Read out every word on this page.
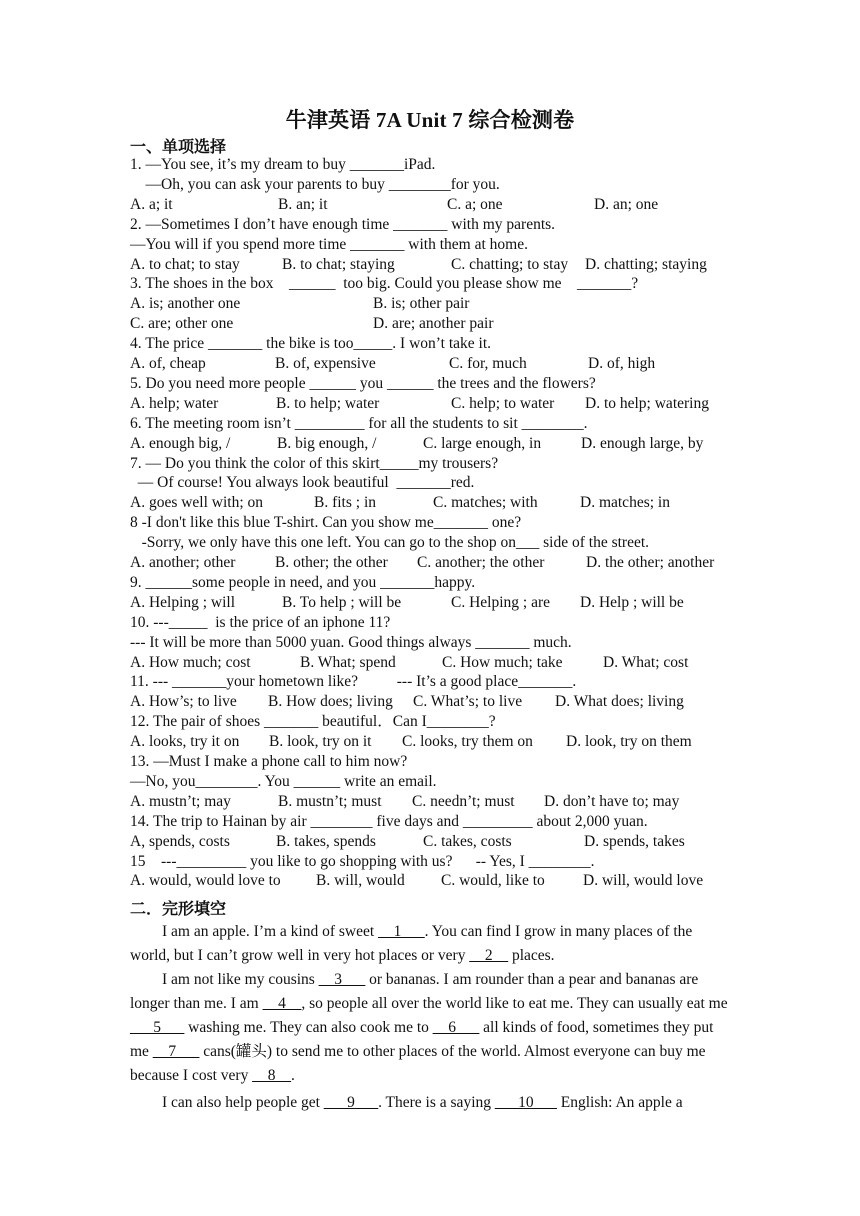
牛津英语 7A Unit 7 综合检测卷
一、单项选择
1. —You see, it’s my dream to buy _______iPad.
—Oh, you can ask your parents to buy ________for you.
A. a; it	B. an; it	C. a; one	D. an; one
2. —Sometimes I don’t have enough time _______ with my parents.
—You will if you spend more time _______ with them at home.
A. to chat; to stay	B. to chat; staying	C. chatting; to stay D. chatting; staying
3. The shoes in the box    ______  too big. Could you please show me    _______?
A. is; another one	B. is; other pair
C. are; other one	D. are; another pair
4. The price _______ the bike is too_____. I won’t take it.
A. of, cheap	B. of, expensive	C. for, much	D. of, high
5. Do you need more people ______ you ______ the trees and the flowers?
A. help; water	B. to help; water	C. help; to water D. to help; watering
6. The meeting room isn’t _________ for all the students to sit ________.
A. enough big, /	B. big enough, /	C. large enough, in	D. enough large, by
7. — Do you think the color of this skirt_____my trousers?
— Of course! You always look beautiful  _______red.
A. goes well with; on	B. fits ; in	C. matches; with	D. matches; in
8 -I don't like this blue T-shirt. Can you show me_______ one?
-Sorry, we only have this one left. You can go to the shop on___ side of the street.
A. another; other	B. other; the other C. another; the other	D. the other; another
9. ______some people in need, and you _______happy.
A. Helping ; will	B. To help ; will be	C. Helping ; are D. Help ; will be
10. ---_____  is the price of an iphone 11?
--- It will be more than 5000 yuan. Good things always _______ much.
A. How much; cost	B. What; spend	C. How much; take	D. What; cost
11. --- _______your hometown like?          --- It’s a good place_______.
A. How’s; to live B. How does; living C. What’s; to live D. What does; living
12. The pair of shoes _______ beautiful．Can I________?
A. looks, try it on B. look, try on it C. looks, try them on D. look, try on them
13. —Must I make a phone call to him now?
—No, you________. You ______ write an email.
A. mustn’t; may	B. mustn’t; must C. needn’t; must D. don’t have to; may
14. The trip to Hainan by air ________ five days and _________ about 2,000 yuan.
A, spends, costs	B. takes, spends	C. takes, costs	D. spends, takes
15    ---_________ you like to go shopping with us?      -- Yes, I ________.
A. would, would love to B. will, would C. would, like to D. will, would love
二．完形填空
I am an apple. I’m a kind of sweet __1___. You can find I grow in many places of the world, but I can’t grow well in very hot places or very __2__ places.
I am not like my cousins __3___ or bananas. I am rounder than a pear and bananas are longer than me. I am __4__, so people all over the world like to eat me. They can usually eat me ___5___ washing me. They can also cook me to __6___ all kinds of food, sometimes they put me __7___ cans(罐头) to send me to other places of the world. Almost everyone can buy me because I cost very __8__.
I can also help people get ___9___. There is a saying ___10___ English: An apple a
